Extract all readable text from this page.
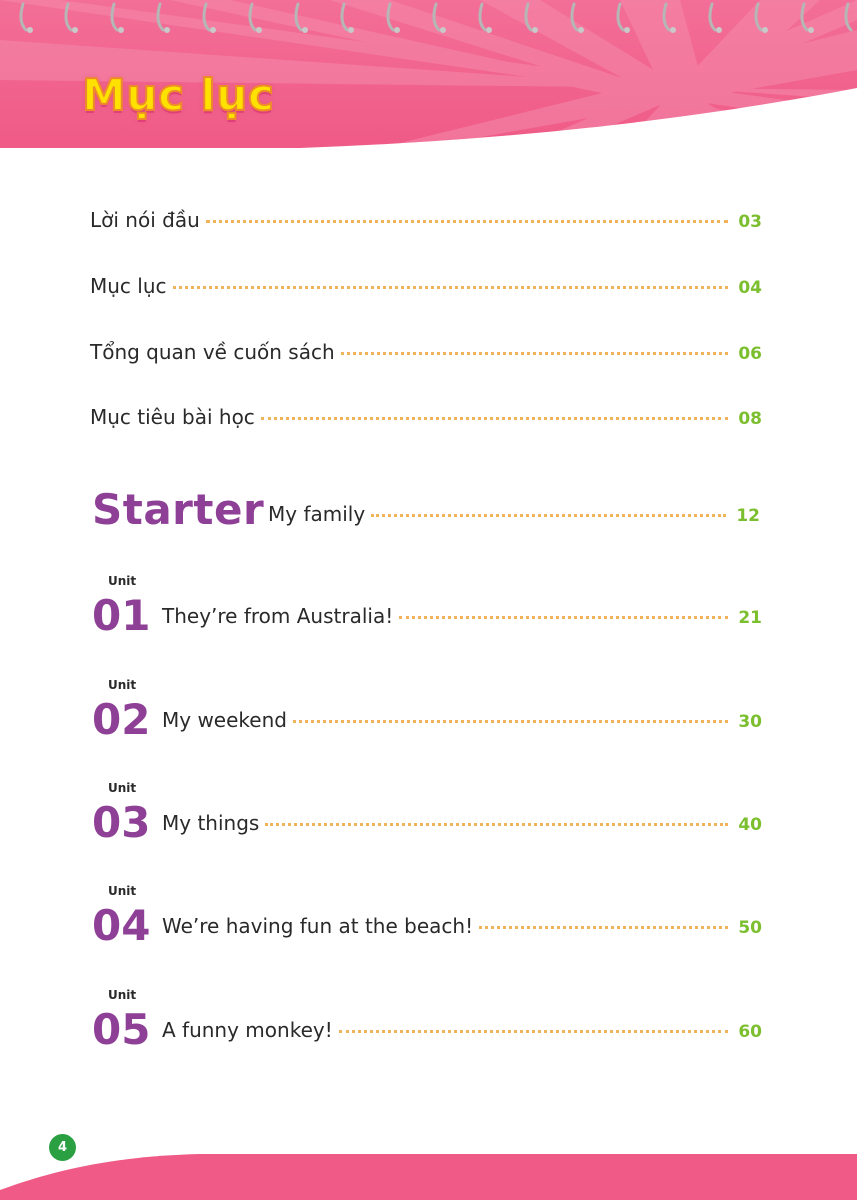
Mục lục
Lời nói đầu	03
Mục lục	04
Tổng quan về cuốn sách	06
Mục tiêu bài học	08
Starter My family	12
Unit
01 They’re from Australia!	21
Unit
02 My weekend	30
Unit
03 My things	40
Unit
04 We’re having fun at the beach!	50
Unit
05 A funny monkey!	60
4
